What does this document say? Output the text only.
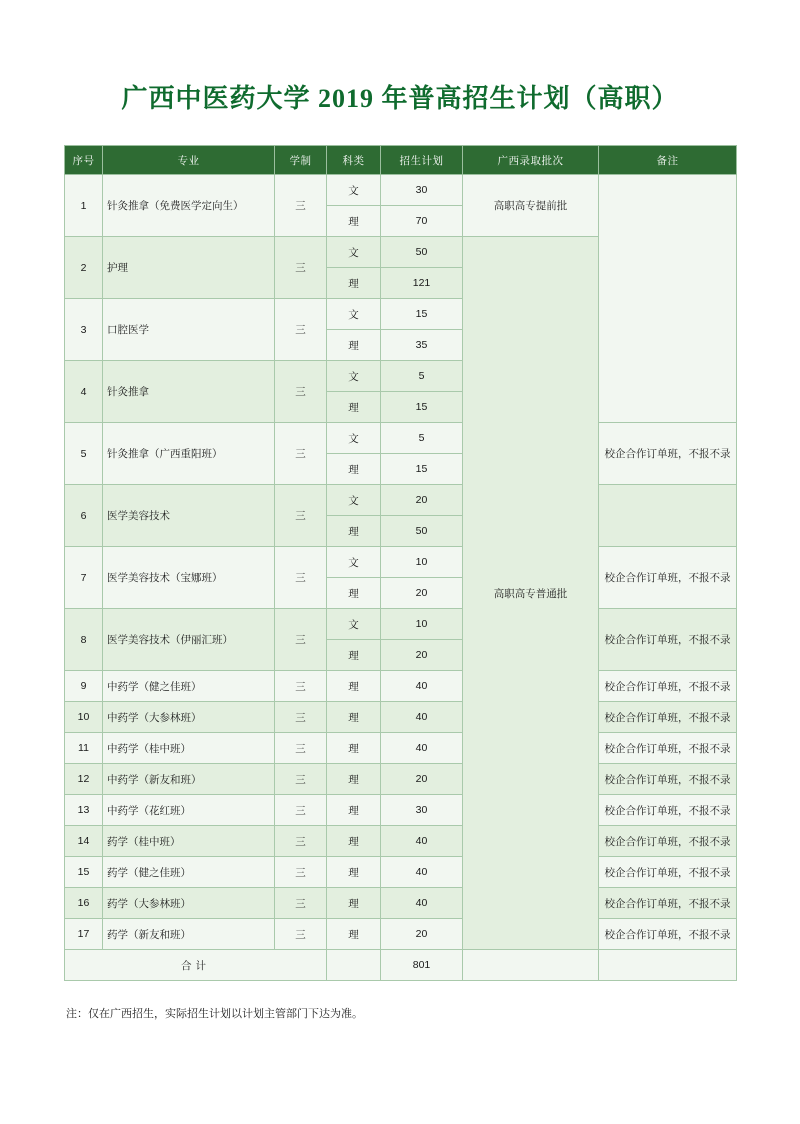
广西中医药大学 2019 年普高招生计划（高职）
序号	专业	学制	科类	招生计划	广西录取批次	备注
1	针灸推拿（免费医学定向生）	三	文	30	高职高专提前批	
			理	70		
2	护理	三	文	50	高职高专普通批	
			理	121		
3	口腔医学	三	文	15		
			理	35		
4	针灸推拿	三	文	5		
			理	15		
5	针灸推拿（广西重阳班）	三	文	5		校企合作订单班，不报不录
			理	15		
6	医学美容技术	三	文	20		
			理	50		
7	医学美容技术（宝娜班）	三	文	10		校企合作订单班，不报不录
			理	20		
8	医学美容技术（伊丽汇班）	三	文	10		校企合作订单班，不报不录
			理	20		
9	中药学（健之佳班）	三	理	40		校企合作订单班，不报不录
10	中药学（大参林班）	三	理	40		校企合作订单班，不报不录
11	中药学（桂中班）	三	理	40		校企合作订单班，不报不录
12	中药学（新友和班）	三	理	20		校企合作订单班，不报不录
13	中药学（花红班）	三	理	30		校企合作订单班，不报不录
14	药学（桂中班）	三	理	40		校企合作订单班，不报不录
15	药学（健之佳班）	三	理	40		校企合作订单班，不报不录
16	药学（大参林班）	三	理	40		校企合作订单班，不报不录
17	药学（新友和班）	三	理	20		校企合作订单班，不报不录
合计				801		
注：仅在广西招生，实际招生计划以计划主管部门下达为准。
